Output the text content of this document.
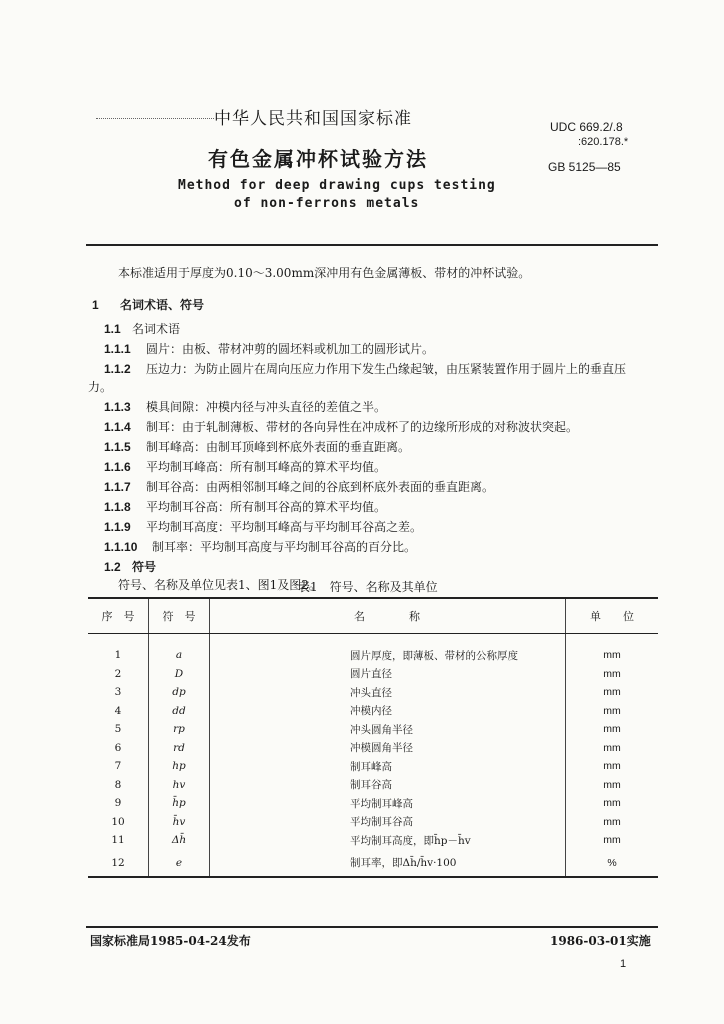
中华人民共和国国家标准
有色金属冲杯试验方法
Method for deep drawing cups testing
of non-ferrons metals
UDC 669.2/.8
:620.178.*
GB 5125—85
本标准适用于厚度为0.10～3.00mm深冲用有色金属薄板、带材的冲杯试验。
1 名词术语、符号
1.1 名词术语
1.1.1 圆片：由板、带材冲剪的圆坯料或机加工的圆形试片。
1.1.2 压边力：为防止圆片在周向压应力作用下发生凸缘起皱，由压紧装置作用于圆片上的垂直压
力。
1.1.3 模具间隙：冲模内径与冲头直径的差值之半。
1.1.4 制耳：由于轧制薄板、带材的各向异性在冲成杯了的边缘所形成的对称波状突起。
1.1.5 制耳峰高：由制耳顶峰到杯底外表面的垂直距离。
1.1.6 平均制耳峰高：所有制耳峰高的算术平均值。
1.1.7 制耳谷高：由两相邻制耳峰之间的谷底到杯底外表面的垂直距离。
1.1.8 平均制耳谷高：所有制耳谷高的算术平均值。
1.1.9 平均制耳高度：平均制耳峰高与平均制耳谷高之差。
1.1.10 制耳率：平均制耳高度与平均制耳谷高的百分比。
1.2 符号
符号、名称及单位见表1、图1及图2。
表1　符号、名称及其单位
序　号	符　号	名　　　　称	单　　位
1	a	圆片厚度，即薄板、带材的公称厚度	mm
2	D	圆片直径	mm
3	dp	冲头直径	mm
4	dd	冲模内径	mm
5	rp	冲头圆角半径	mm
6	rd	冲模圆角半径	mm
7	hp	制耳峰高	mm
8	hv	制耳谷高	mm
9	h̄p	平均制耳峰高	mm
10	h̄v	平均制耳谷高	mm
11	Δh̄	平均制耳高度，即h̄p－h̄v	mm
12	e	制耳率，即Δh̄/h̄v·100	%
国家标准局1985-04-24发布	1986-03-01实施
1
